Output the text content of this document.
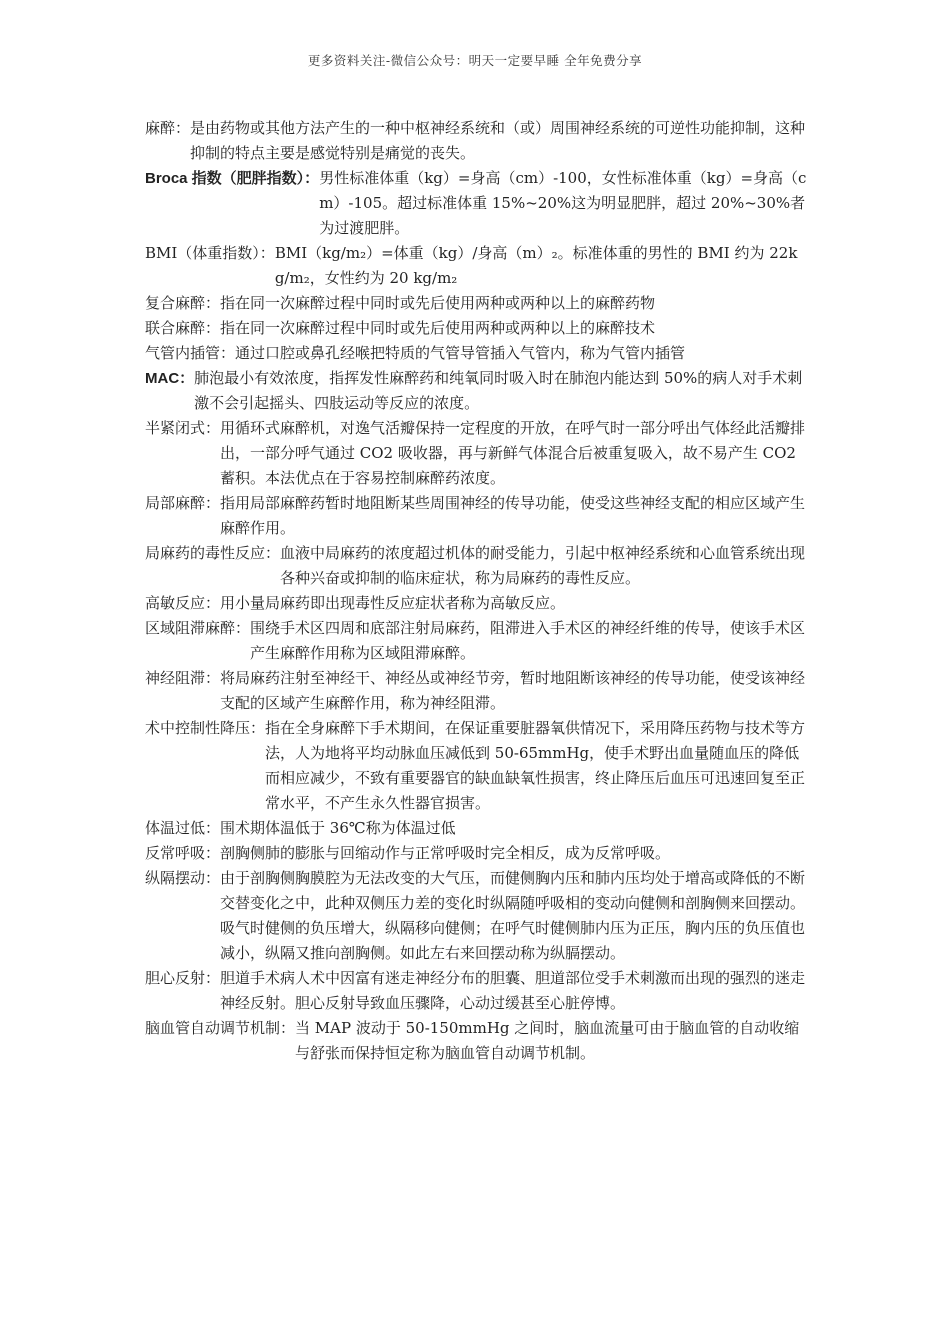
更多资料关注-微信公众号：明天一定要早睡 全年免费分享
麻醉： 是由药物或其他方法产生的一种中枢神经系统和（或）周围神经系统的可逆性功能抑制，这种抑制的特点主要是感觉特别是痛觉的丧失。
Broca 指数（肥胖指数）： 男性标准体重（kg）=身高（cm）-100，女性标准体重（kg）=身高（cm）-105。超过标准体重 15%~20%这为明显肥胖，超过 20%~30%者为过渡肥胖。
BMI（体重指数）： BMI（kg/m₂）=体重（kg）/身高（m）₂。标准体重的男性的 BMI 约为 22kg/m₂，女性约为 20 kg/m₂
复合麻醉： 指在同一次麻醉过程中同时或先后使用两种或两种以上的麻醉药物
联合麻醉： 指在同一次麻醉过程中同时或先后使用两种或两种以上的麻醉技术
气管内插管： 通过口腔或鼻孔经喉把特质的气管导管插入气管内，称为气管内插管
MAC： 肺泡最小有效浓度，指挥发性麻醉药和纯氧同时吸入时在肺泡内能达到 50%的病人对手术刺激不会引起摇头、四肢运动等反应的浓度。
半紧闭式： 用循环式麻醉机，对逸气活瓣保持一定程度的开放，在呼气时一部分呼出气体经此活瓣排出，一部分呼气通过 CO2 吸收器，再与新鲜气体混合后被重复吸入，故不易产生 CO2 蓄积。本法优点在于容易控制麻醉药浓度。
局部麻醉： 指用局部麻醉药暂时地阻断某些周围神经的传导功能，使受这些神经支配的相应区域产生麻醉作用。
局麻药的毒性反应： 血液中局麻药的浓度超过机体的耐受能力，引起中枢神经系统和心血管系统出现各种兴奋或抑制的临床症状，称为局麻药的毒性反应。
高敏反应： 用小量局麻药即出现毒性反应症状者称为高敏反应。
区域阻滞麻醉： 围绕手术区四周和底部注射局麻药，阻滞进入手术区的神经纤维的传导，使该手术区产生麻醉作用称为区域阻滞麻醉。
神经阻滞： 将局麻药注射至神经干、神经丛或神经节旁，暂时地阻断该神经的传导功能，使受该神经支配的区域产生麻醉作用，称为神经阻滞。
术中控制性降压： 指在全身麻醉下手术期间，在保证重要脏器氧供情况下，采用降压药物与技术等方法，人为地将平均动脉血压减低到 50-65mmHg，使手术野出血量随血压的降低而相应减少，不致有重要器官的缺血缺氧性损害，终止降压后血压可迅速回复至正常水平，不产生永久性器官损害。
体温过低： 围术期体温低于 36℃称为体温过低
反常呼吸： 剖胸侧肺的膨胀与回缩动作与正常呼吸时完全相反，成为反常呼吸。
纵隔摆动： 由于剖胸侧胸膜腔为无法改变的大气压，而健侧胸内压和肺内压均处于增高或降低的不断交替变化之中，此种双侧压力差的变化时纵隔随呼吸相的变动向健侧和剖胸侧来回摆动。吸气时健侧的负压增大，纵隔移向健侧；在呼气时健侧肺内压为正压，胸内压的负压值也减小，纵隔又推向剖胸侧。如此左右来回摆动称为纵膈摆动。
胆心反射： 胆道手术病人术中因富有迷走神经分布的胆囊、胆道部位受手术刺激而出现的强烈的迷走神经反射。胆心反射导致血压骤降，心动过缓甚至心脏停博。
脑血管自动调节机制： 当 MAP 波动于 50-150mmHg 之间时，脑血流量可由于脑血管的自动收缩与舒张而保持恒定称为脑血管自动调节机制。
